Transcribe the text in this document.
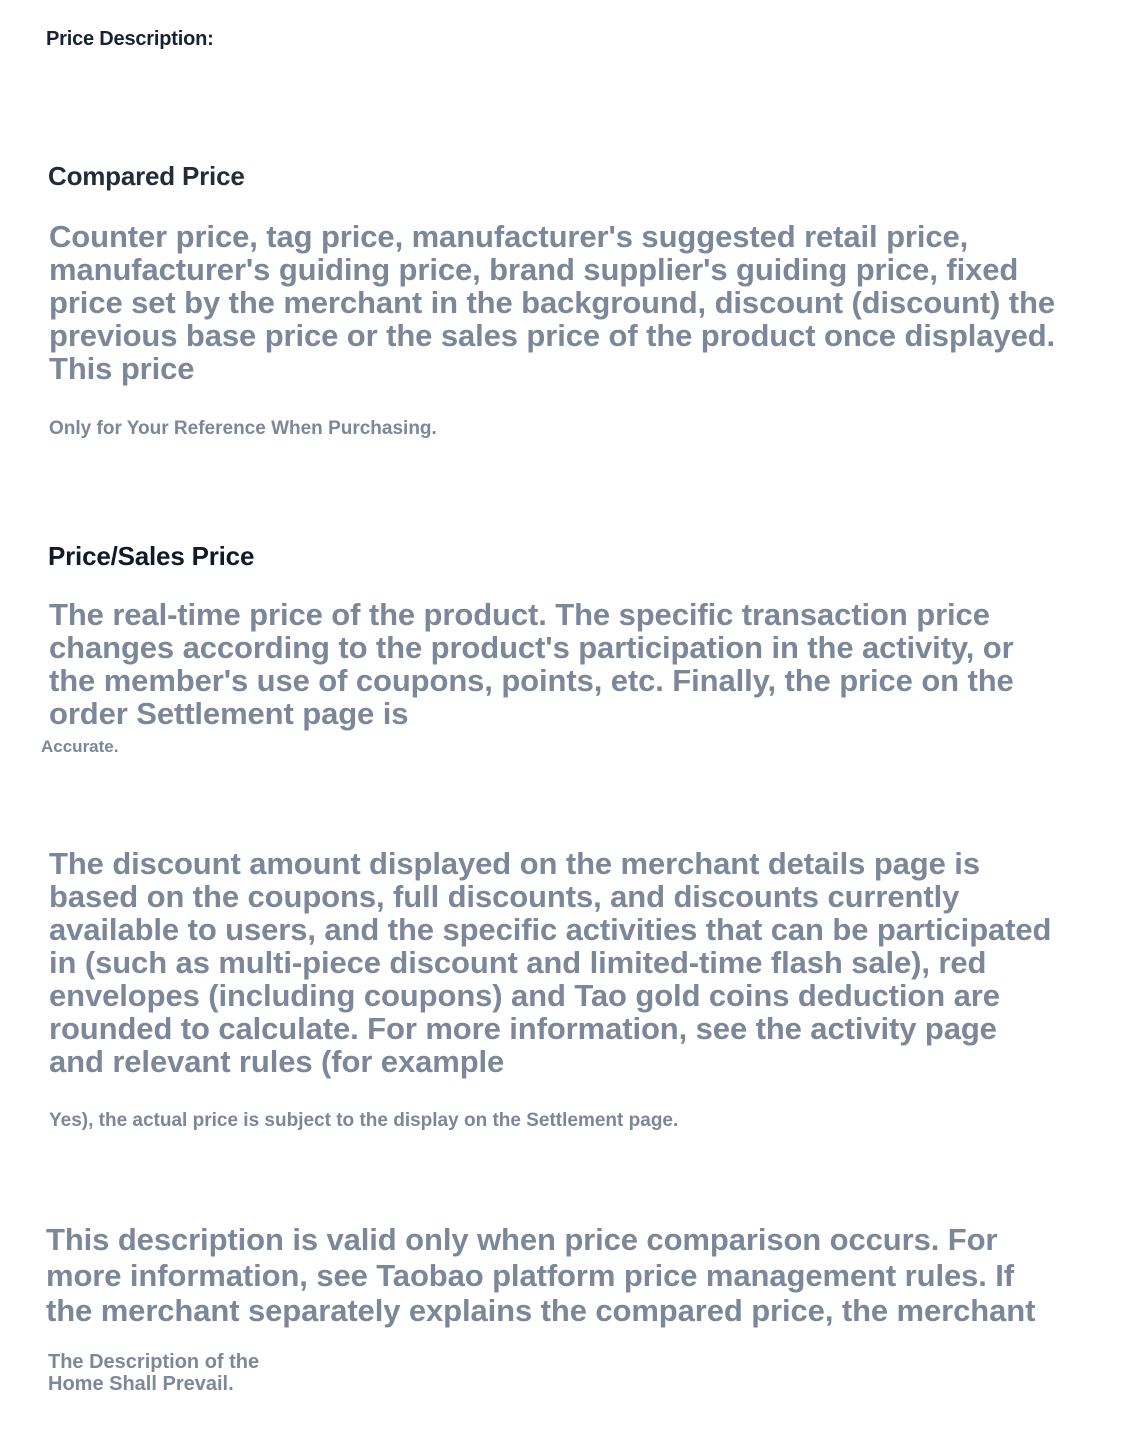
Price Description:
Compared Price

Counter price, tag price, manufacturer's suggested retail price, manufacturer's guiding price, brand supplier's guiding price, fixed price set by the merchant in the background, discount (discount) the previous base price or the sales price of the product once displayed. This price

Only for Your Reference When Purchasing.

Price/Sales Price

The real-time price of the product. The specific transaction price changes according to the product's participation in the activity, or the member's use of coupons, points, etc. Finally, the price on the order Settlement page is

Accurate.

The discount amount displayed on the merchant details page is based on the coupons, full discounts, and discounts currently available to users, and the specific activities that can be participated in (such as multi-piece discount and limited-time flash sale), red envelopes (including coupons) and Tao gold coins deduction are rounded to calculate. For more information, see the activity page and relevant rules (for example

Yes), the actual price is subject to the display on the Settlement page.

This description is valid only when price comparison occurs. For more information, see Taobao platform price management rules. If the merchant separately explains the compared price, the merchant

The Description of the Home Shall Prevail.
